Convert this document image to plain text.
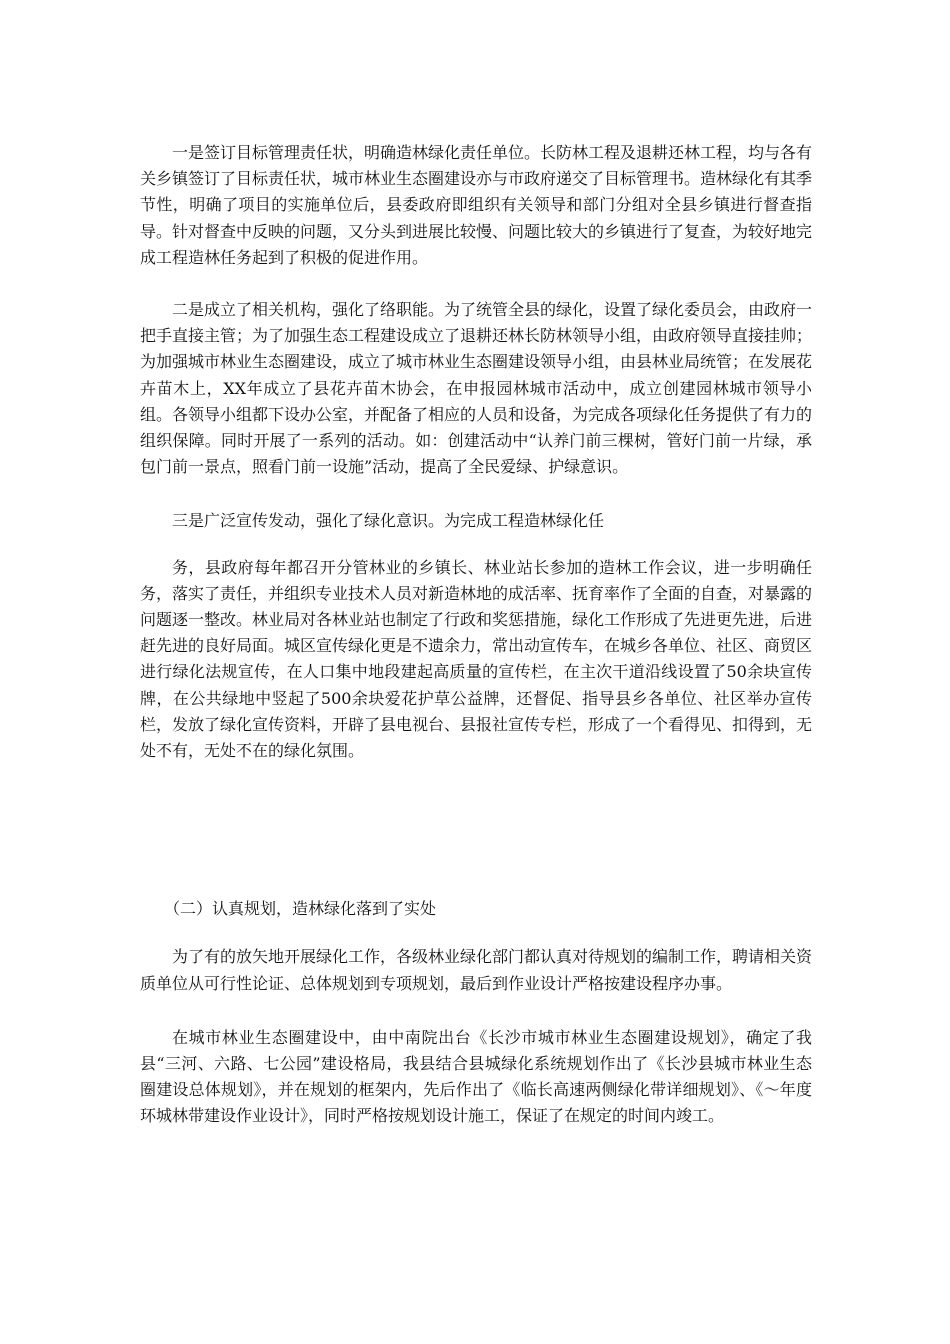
一是签订目标管理责任状，明确造林绿化责任单位。长防林工程及退耕还林工程，均与各有关乡镇签订了目标责任状，城市林业生态圈建设亦与市政府递交了目标管理书。造林绿化有其季节性，明确了项目的实施单位后，县委政府即组织有关领导和部门分组对全县乡镇进行督查指导。针对督查中反映的问题，又分头到进展比较慢、问题比较大的乡镇进行了复查，为较好地完成工程造林任务起到了积极的促进作用。

二是成立了相关机构，强化了络职能。为了统管全县的绿化，设置了绿化委员会，由政府一把手直接主管；为了加强生态工程建设成立了退耕还林长防林领导小组，由政府领导直接挂帅；为加强城市林业生态圈建设，成立了城市林业生态圈建设领导小组，由县林业局统管；在发展花卉苗木上，XX年成立了县花卉苗木协会，在申报园林城市活动中，成立创建园林城市领导小组。各领导小组都下设办公室，并配备了相应的人员和设备，为完成各项绿化任务提供了有力的组织保障。同时开展了一系列的活动。如：创建活动中“认养门前三棵树，管好门前一片绿，承包门前一景点，照看门前一设施”活动，提高了全民爱绿、护绿意识。

三是广泛宣传发动，强化了绿化意识。为完成工程造林绿化任

务，县政府每年都召开分管林业的乡镇长、林业站长参加的造林工作会议，进一步明确任务，落实了责任，并组织专业技术人员对新造林地的成活率、抚育率作了全面的自查，对暴露的问题逐一整改。林业局对各林业站也制定了行政和奖惩措施，绿化工作形成了先进更先进，后进赶先进的良好局面。城区宣传绿化更是不遗余力，常出动宣传车，在城乡各单位、社区、商贸区进行绿化法规宣传，在人口集中地段建起高质量的宣传栏，在主次干道沿线设置了50余块宣传牌，在公共绿地中竖起了500余块爱花护草公益牌，还督促、指导县乡各单位、社区举办宣传栏，发放了绿化宣传资料，开辟了县电视台、县报社宣传专栏，形成了一个看得见、扣得到，无处不有，无处不在的绿化氛围。

（二）认真规划，造林绿化落到了实处

为了有的放矢地开展绿化工作，各级林业绿化部门都认真对待规划的编制工作，聘请相关资质单位从可行性论证、总体规划到专项规划，最后到作业设计严格按建设程序办事。

在城市林业生态圈建设中，由中南院出台《长沙市城市林业生态圈建设规划》，确定了我县“三河、六路、七公园”建设格局，我县结合县城绿化系统规划作出了《长沙县城市林业生态圈建设总体规划》，并在规划的框架内，先后作出了《临长高速两侧绿化带详细规划》、《～年度环城林带建设作业设计》，同时严格按规划设计施工，保证了在规定的时间内竣工。
